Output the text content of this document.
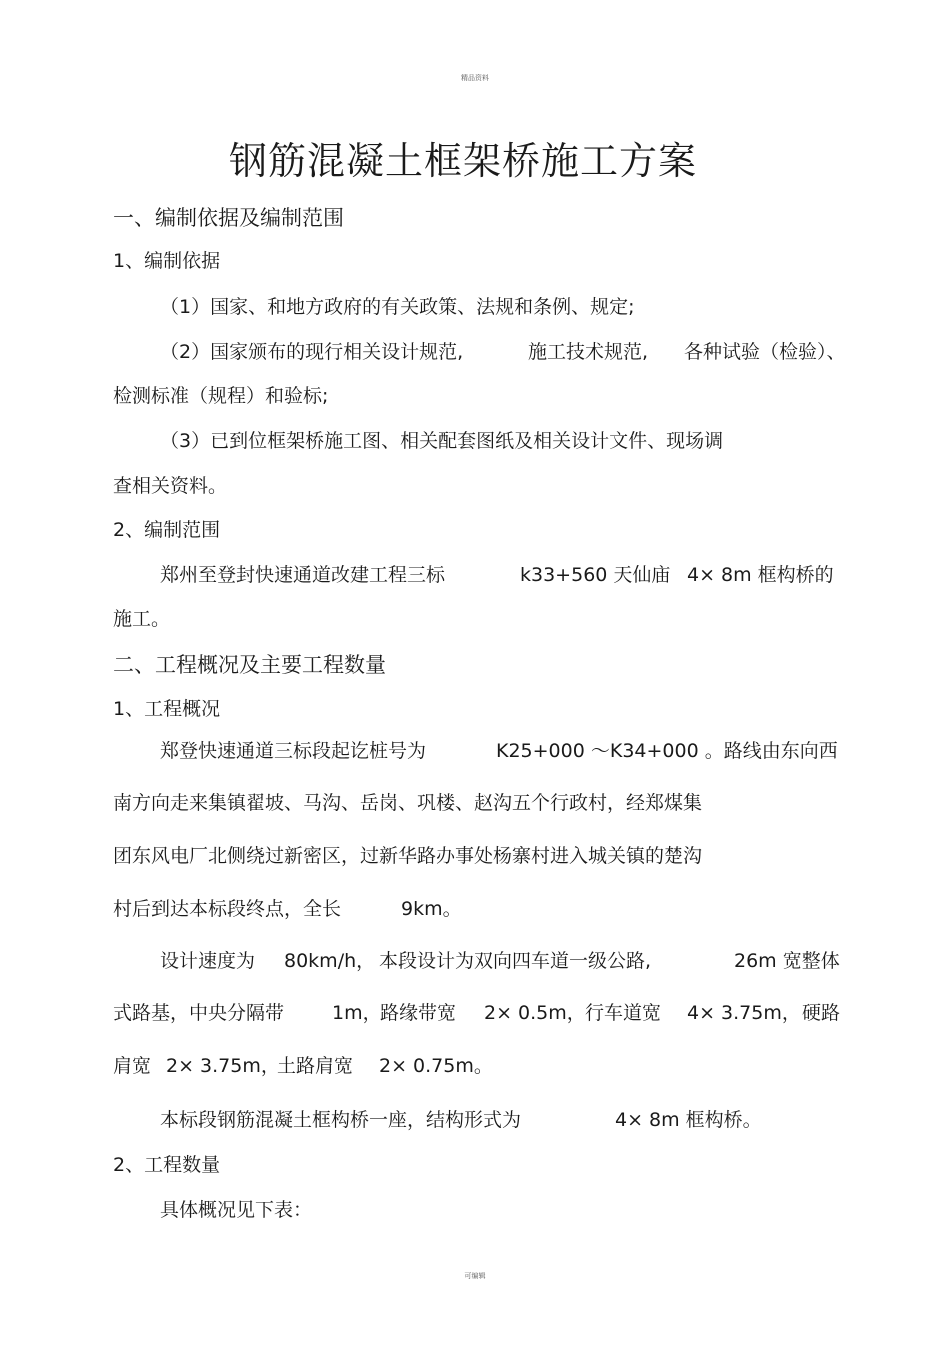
精品资料
钢筋混凝土框架桥施工方案
一、编制依据及编制范围
1、编制依据
（1）国家、和地方政府的有关政策、法规和条例、规定;
（2）国家颁布的现行相关设计规范,	施工技术规范, 各种试验（检验）、
检测标准（规程）和验标;
（3）已到位框架桥施工图、相关配套图纸及相关设计文件、现场调
查相关资料。
2、编制范围
郑州至登封快速通道改建工程三标	k33+560 天仙庙 4× 8m 框构桥的
施工。
二、工程概况及主要工程数量
1、工程概况
郑登快速通道三标段起讫桩号为	K25+000 ～K34+000 。路线由东向西
南方向走来集镇翟坡、马沟、岳岗、巩楼、赵沟五个行政村，经郑煤集
团东风电厂北侧绕过新密区，过新华路办事处杨寨村进入城关镇的楚沟
村后到达本标段终点，全长	9km。
设计速度为 80km/h， 本段设计为双向四车道一级公路,	26m 宽整体
式路基，中央分隔带	1m，
路缘带宽 2× 0.5m， 行车道宽 4× 3.75m， 硬路
肩宽 2× 3.75m，
土路肩宽 2× 0.75m。
本标段钢筋混凝土框构桥一座，结构形式为	4× 8m 框构桥。
2、工程数量
具体概况见下表：
可编辑
